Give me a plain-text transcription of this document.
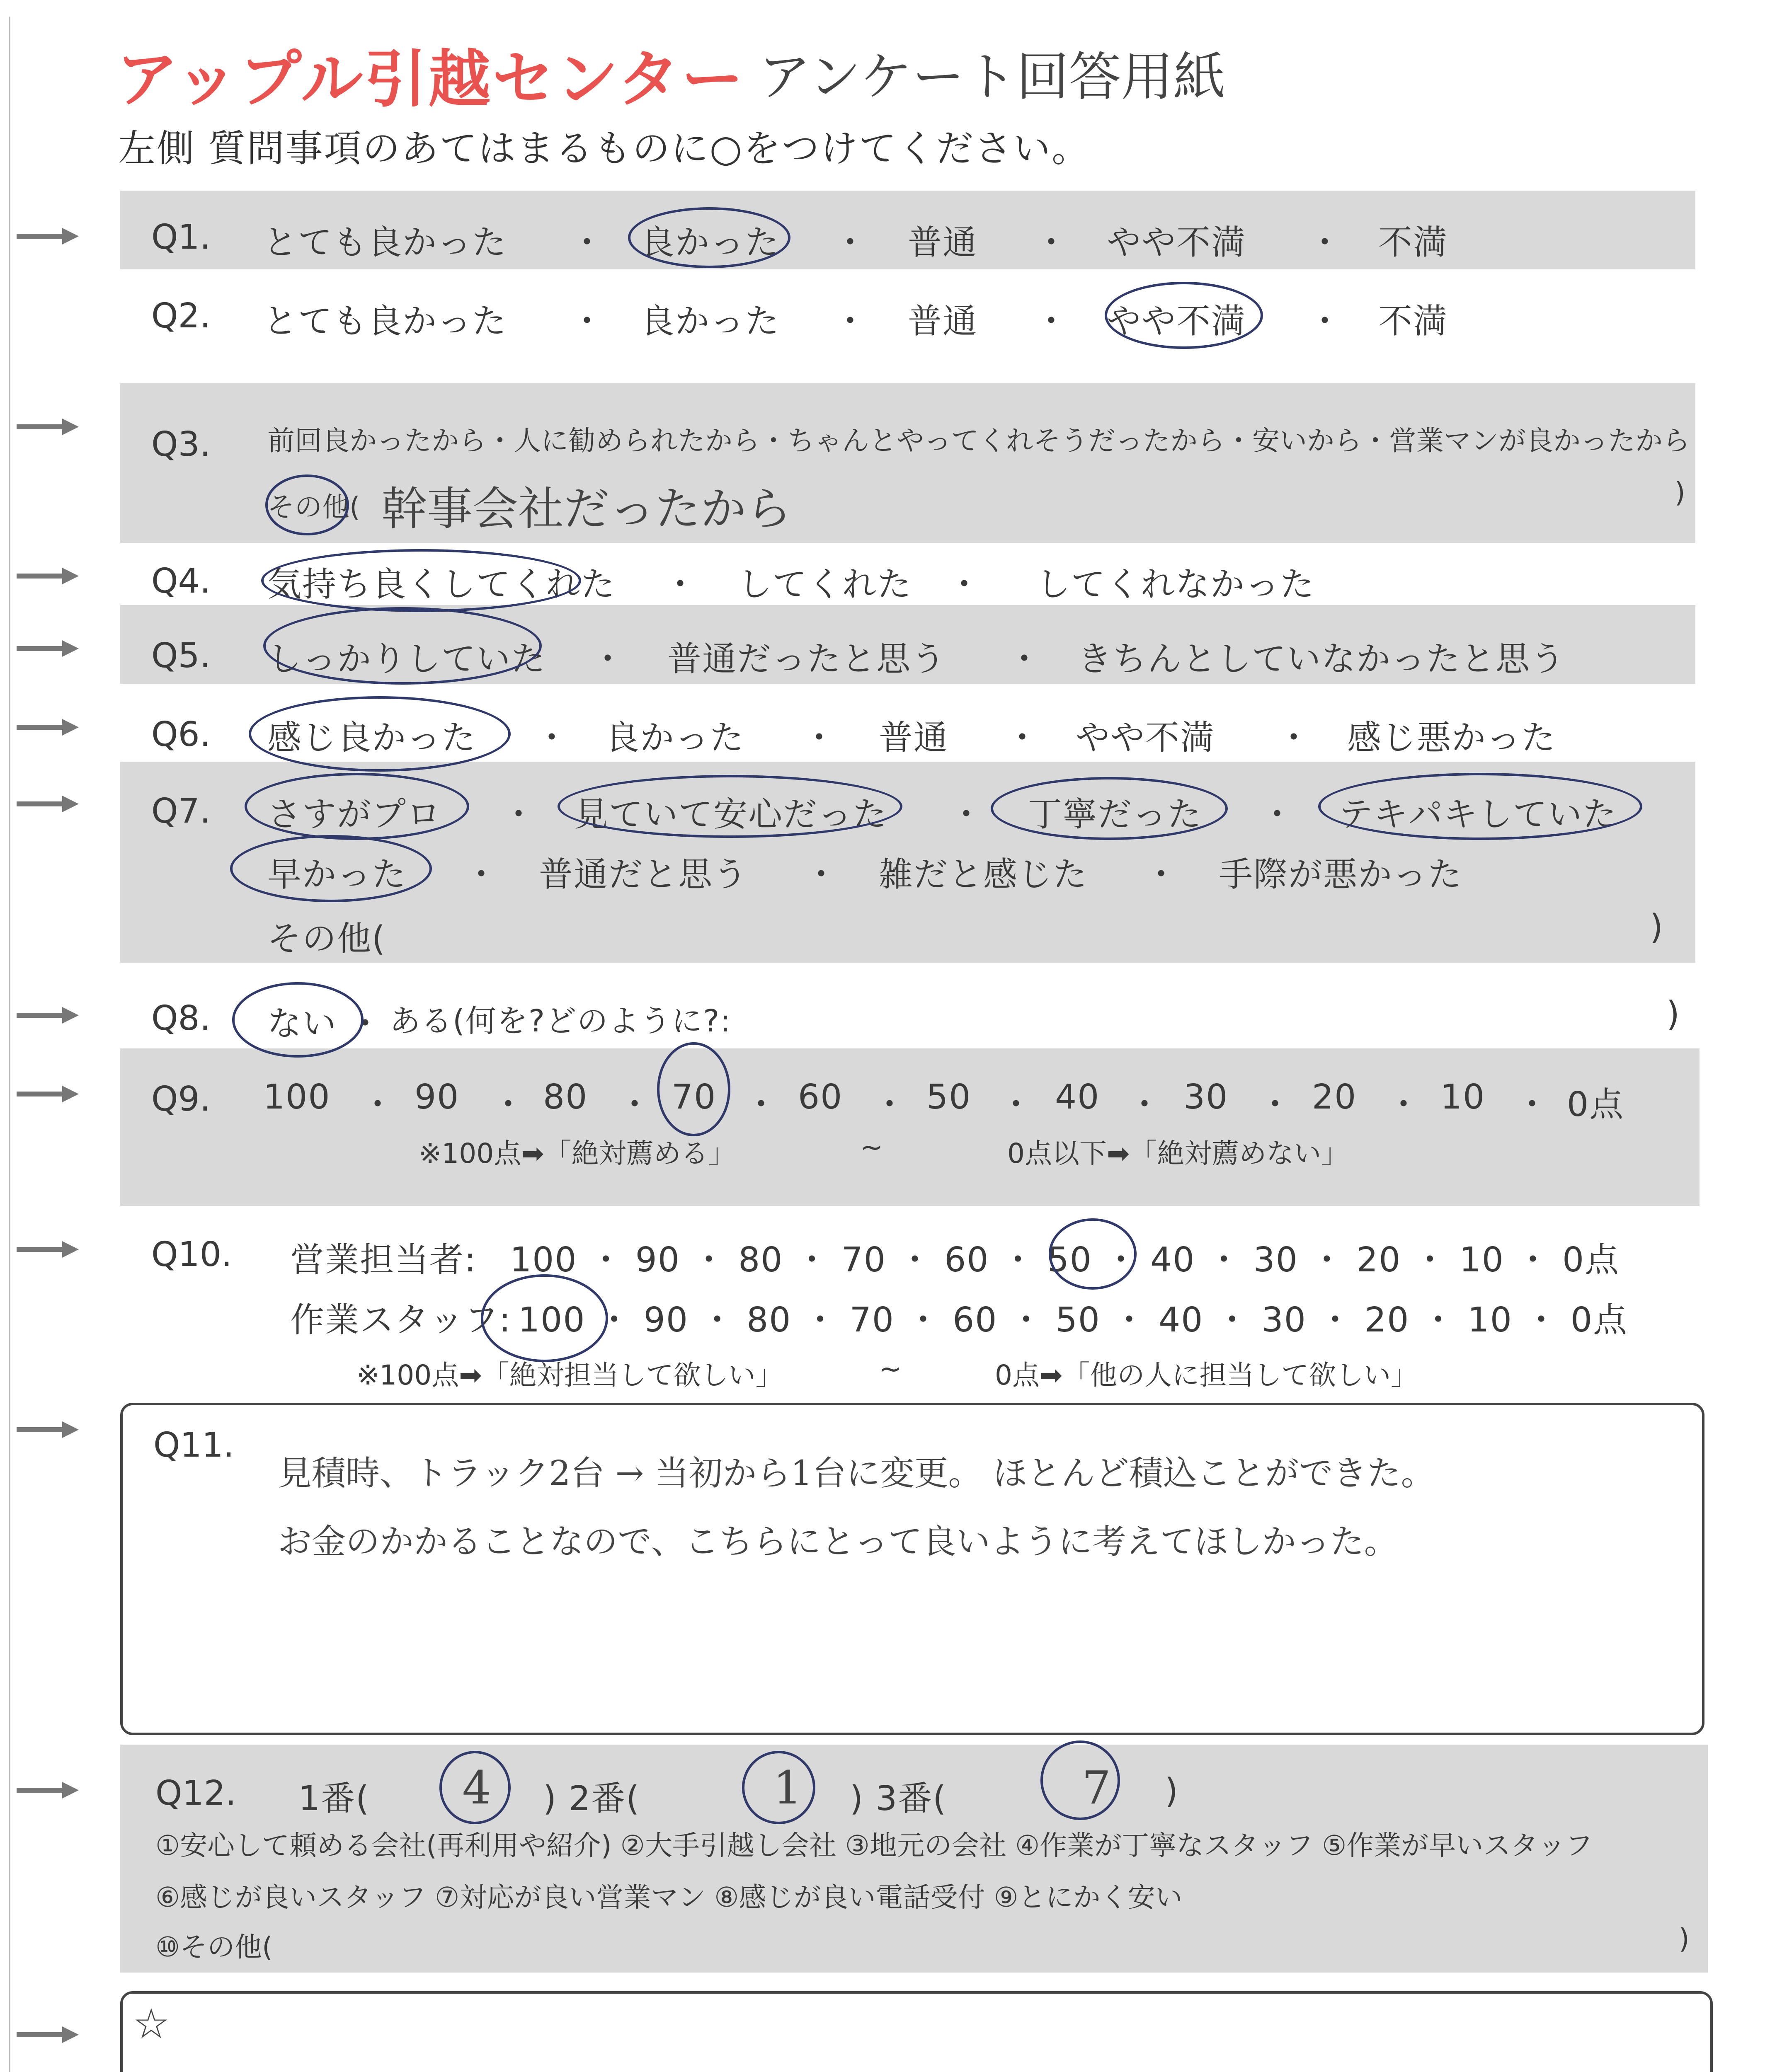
アップル引越センター アンケート回答用紙
左側 質問事項のあてはまるものに○をつけてください。
Q1. とても良かった ・ 良かった ・ 普通 ・ やや不満 ・ 不満
Q2. とても良かった ・ 良かった ・ 普通 ・ やや不満 ・ 不満
Q3. 前回良かったから・人に勧められたから・ちゃんとやってくれそうだったから・安いから・営業マンが良かったから
その他( 幹事会社だったから	)
Q4. 気持ち良くしてくれた ・ してくれた ・ してくれなかった
Q5. しっかりしていた ・ 普通だったと思う ・ きちんとしていなかったと思う
Q6. 感じ良かった ・ 良かった ・ 普通 ・ やや不満 ・ 感じ悪かった
Q7. さすがプロ ・ 見ていて安心だった ・ 丁寧だった ・ テキパキしていた
早かった ・ 普通だと思う ・ 雑だと感じた ・ 手際が悪かった
その他(	)
Q8. ない ・ ある(何を?どのように?:	)
Q9. 100 ・ 90 ・ 80 ・ 70 ・ 60 ・ 50 ・ 40 ・ 30 ・ 20 ・ 10 ・ 0点
※100点➡「絶対薦める」	~	0点以下➡「絶対薦めない」
Q10. 営業担当者: 100 ・ 90 ・ 80 ・ 70 ・ 60 ・ 50 ・ 40 ・ 30 ・ 20 ・ 10 ・ 0点
作業スタッフ: 100 ・ 90 ・ 80 ・ 70 ・ 60 ・ 50 ・ 40 ・ 30 ・ 20 ・ 10 ・ 0点
※100点➡「絶対担当して欲しい」	~	0点➡「他の人に担当して欲しい」
Q11.
見積時、トラック2台 → 当初から1台に変更。 ほとんど積込ことができた。
お金のかかることなので、こちらにとって良いように考えてほしかった。
Q12. 1番( 4 ) 2番(	1 ) 3番(	7 )
①安心して頼める会社(再利用や紹介) ②大手引越し会社 ③地元の会社 ④作業が丁寧なスタッフ ⑤作業が早いスタッフ
⑥感じが良いスタッフ ⑦対応が良い営業マン ⑧感じが良い電話受付 ⑨とにかく安い
⑩その他(	)
☆
